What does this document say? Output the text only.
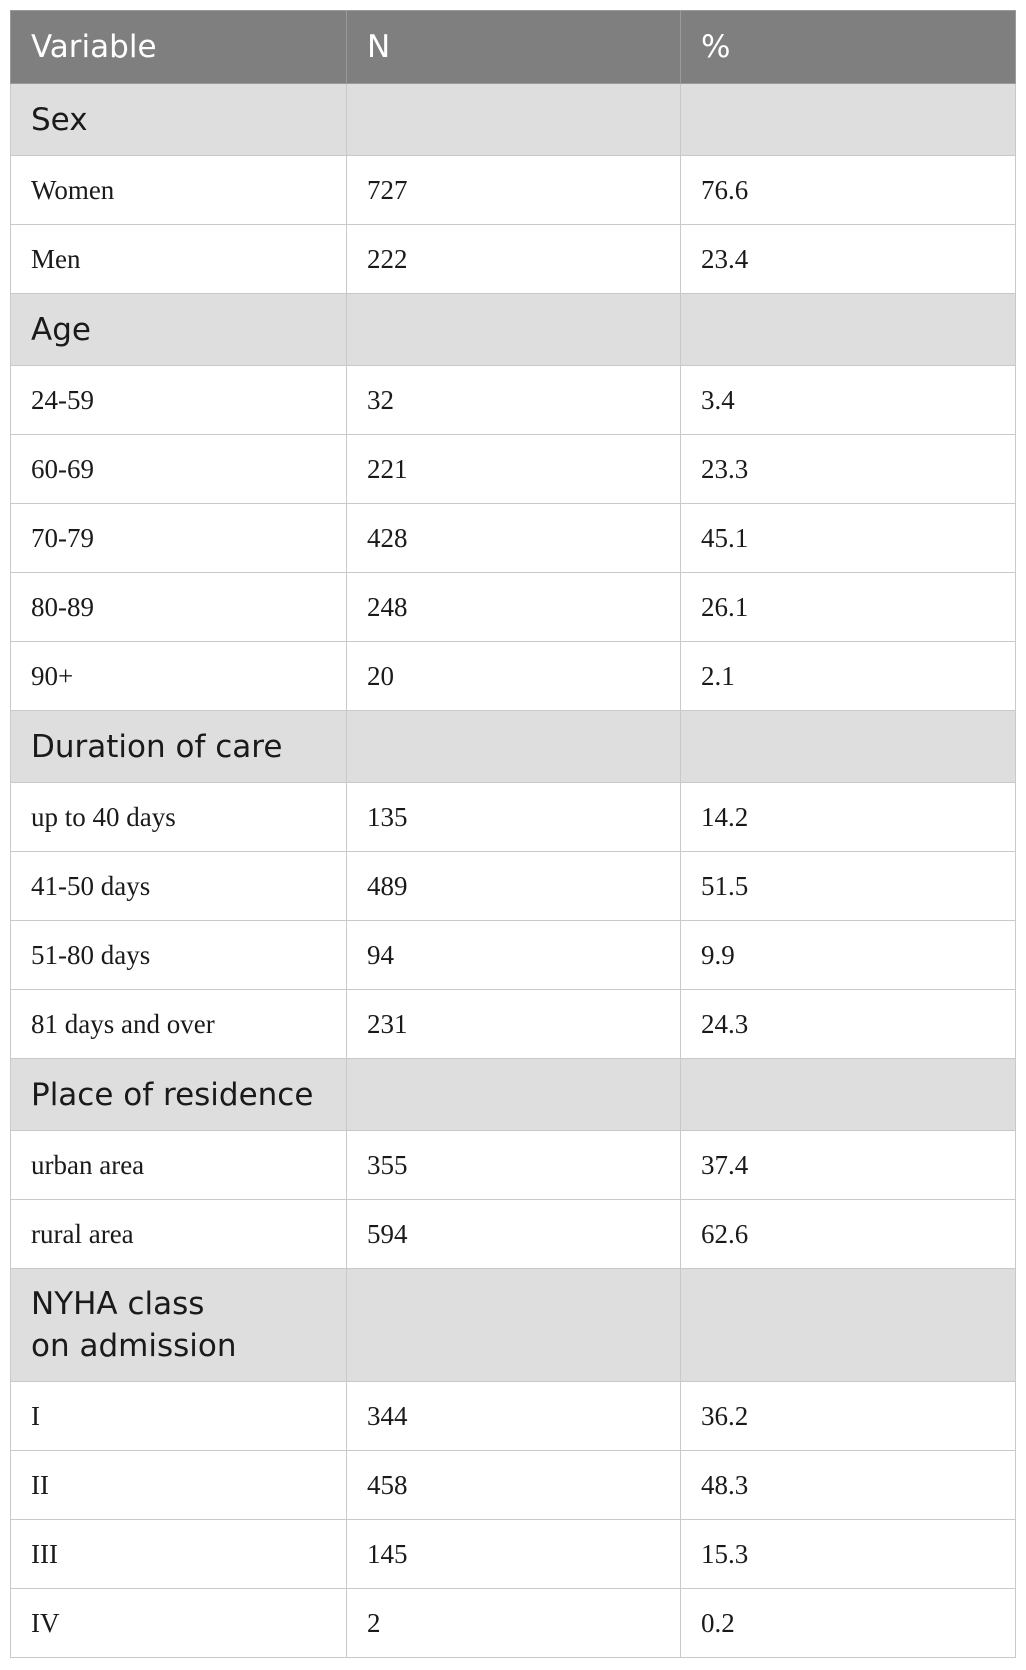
Variable	N	%
Sex		
Women	727	76.6
Men	222	23.4
Age		
24-59	32	3.4
60-69	221	23.3
70-79	428	45.1
80-89	248	26.1
90+	20	2.1
Duration of care		
up to 40 days	135	14.2
41-50 days	489	51.5
51-80 days	94	9.9
81 days and over	231	24.3
Place of residence		
urban area	355	37.4
rural area	594	62.6
NYHA class
on admission		
I	344	36.2
II	458	48.3
III	145	15.3
IV	2	0.2
